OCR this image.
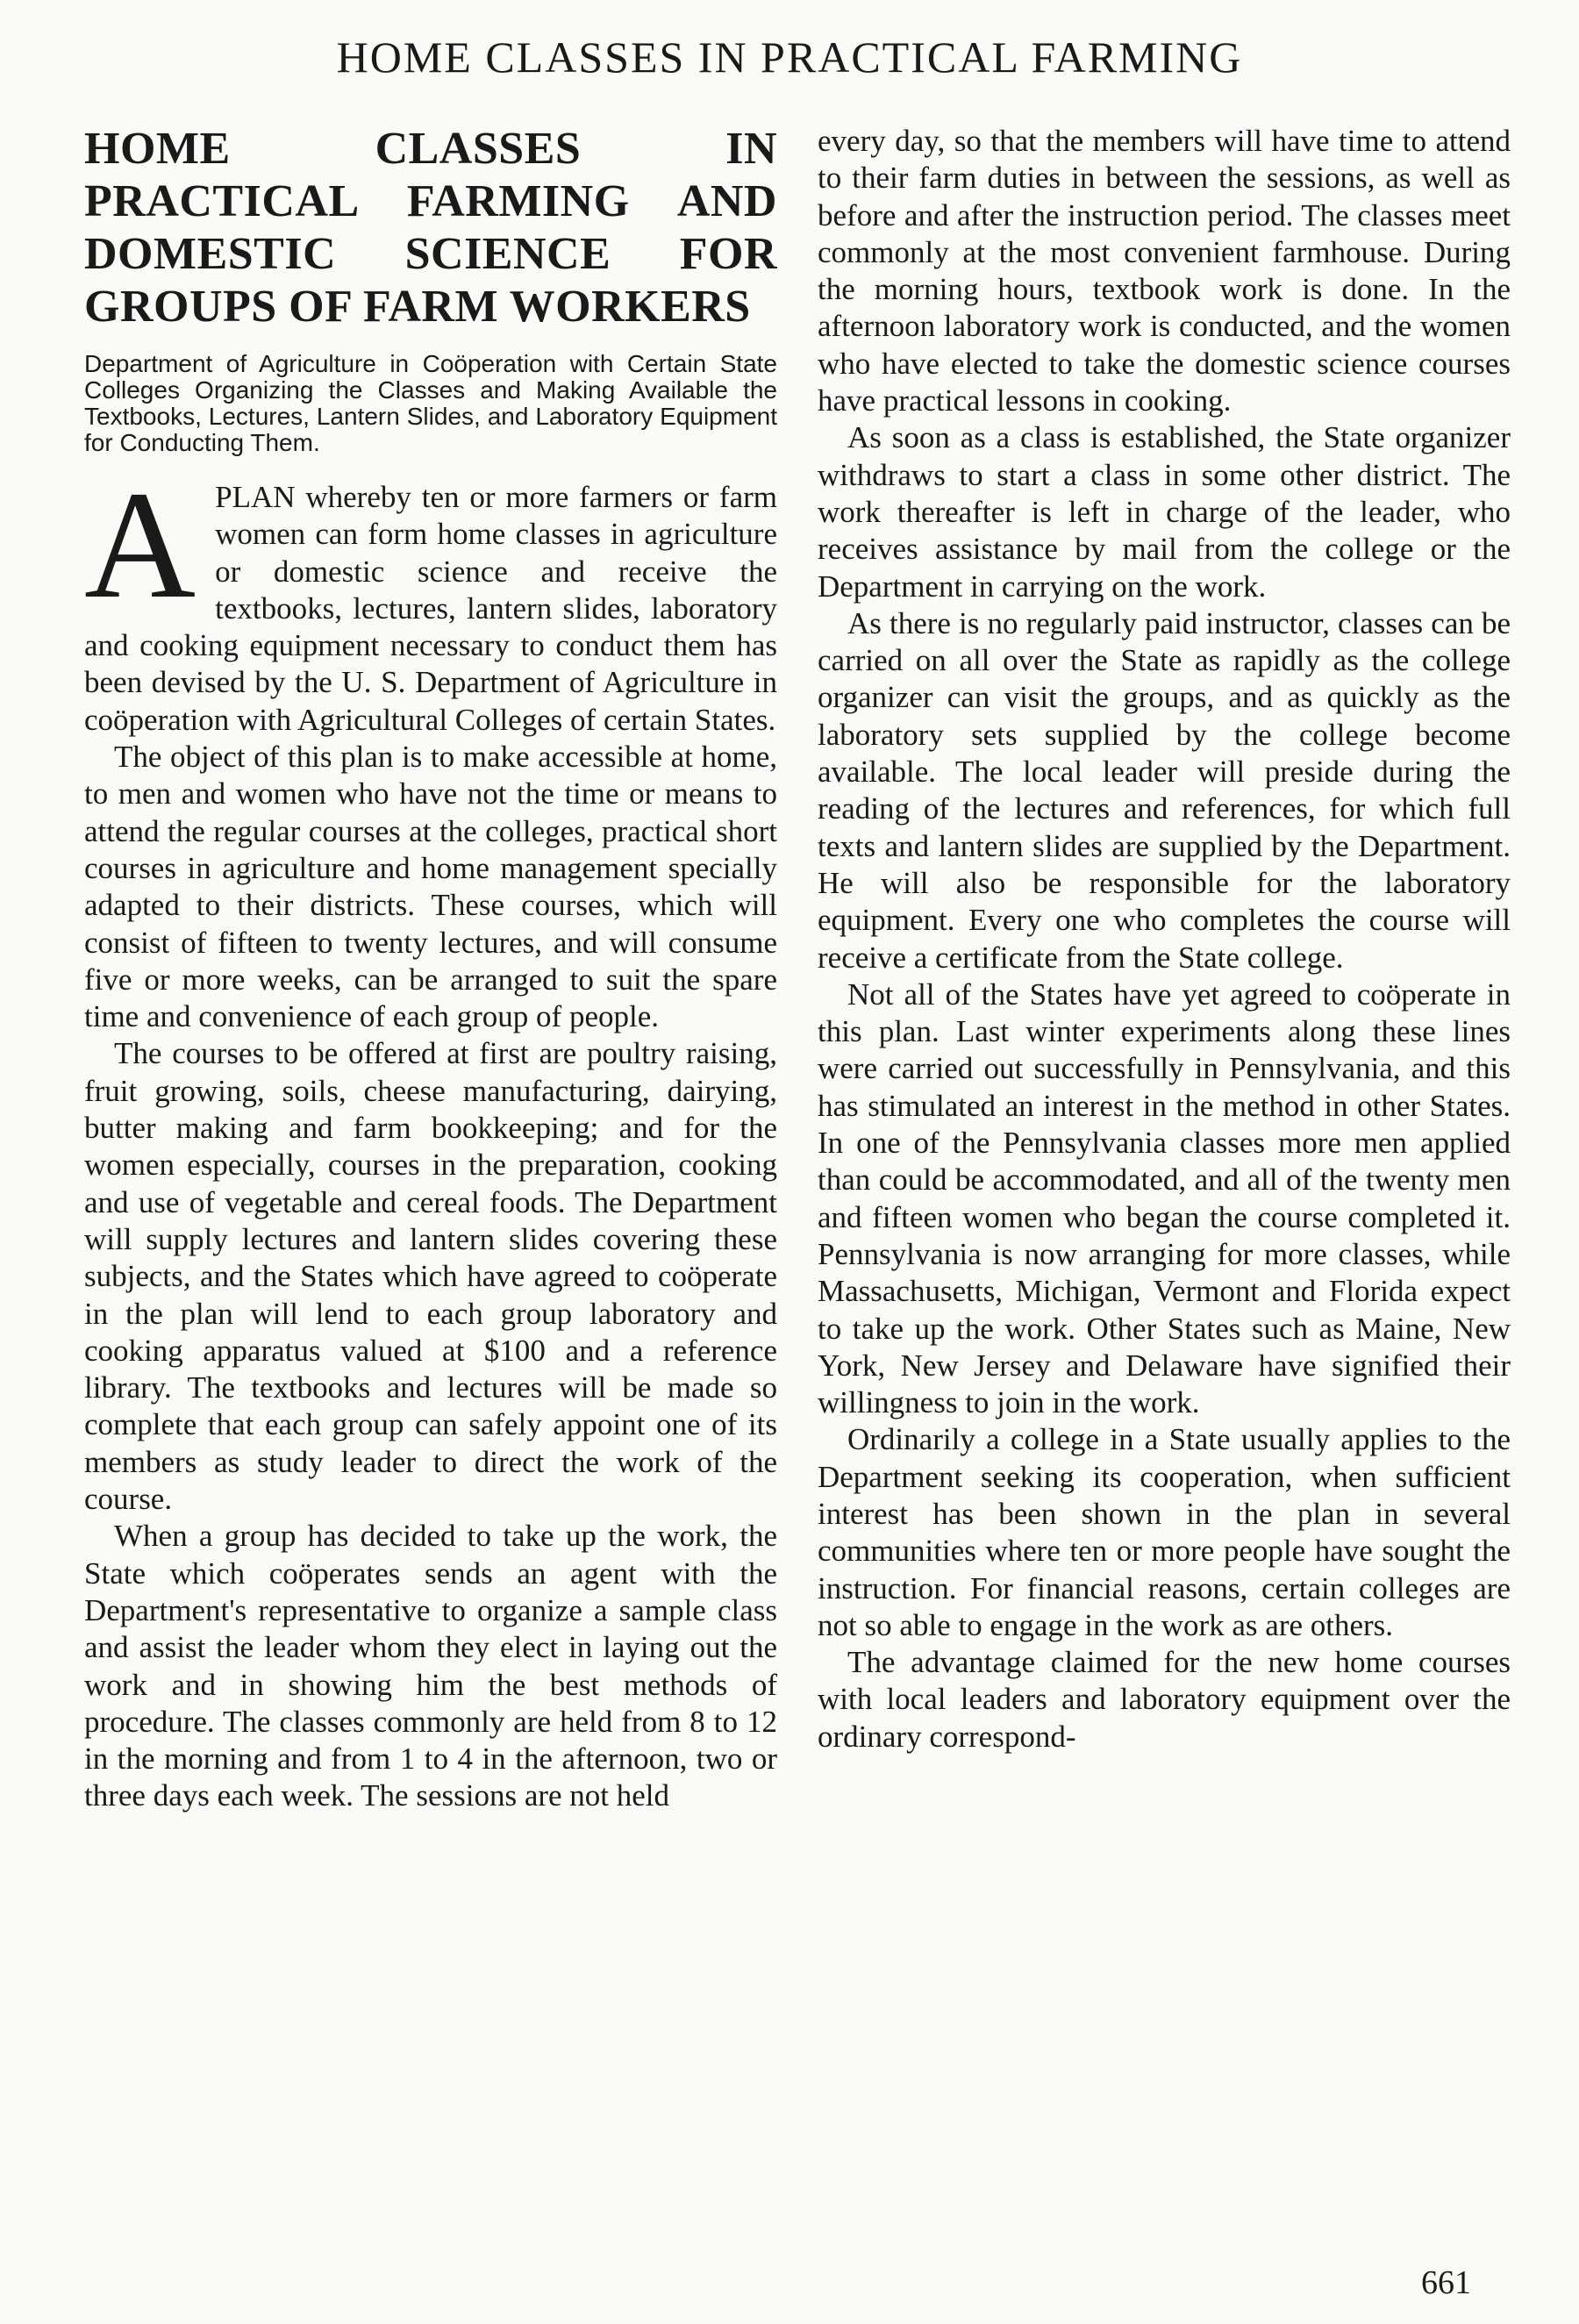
HOME CLASSES IN PRACTICAL FARMING
HOME CLASSES IN PRACTICAL FARMING AND DOMESTIC SCIENCE FOR GROUPS OF FARM WORKERS

Department of Agriculture in Coöperation with Certain State Colleges Organizing the Classes and Making Available the Textbooks, Lectures, Lantern Slides, and Laboratory Equipment for Conducting Them.

APLAN whereby ten or more farmers or farm women can form home classes in agriculture or domestic science and receive the textbooks, lectures, lantern slides, laboratory and cooking equipment necessary to conduct them has been devised by the U. S. Department of Agriculture in coöperation with Agricultural Colleges of certain States.

The object of this plan is to make accessible at home, to men and women who have not the time or means to attend the regular courses at the colleges, practical short courses in agriculture and home management specially adapted to their districts. These courses, which will consist of fifteen to twenty lectures, and will consume five or more weeks, can be arranged to suit the spare time and convenience of each group of people.

The courses to be offered at first are poultry raising, fruit growing, soils, cheese manufacturing, dairying, butter making and farm bookkeeping; and for the women especially, courses in the preparation, cooking and use of vegetable and cereal foods. The Department will supply lectures and lantern slides covering these subjects, and the States which have agreed to coöperate in the plan will lend to each group laboratory and cooking apparatus valued at $100 and a reference library. The textbooks and lectures will be made so complete that each group can safely appoint one of its members as study leader to direct the work of the course.

When a group has decided to take up the work, the State which coöperates sends an agent with the Department's representative to organize a sample class and assist the leader whom they elect in laying out the work and in showing him the best methods of procedure. The classes commonly are held from 8 to 12 in the morning and from 1 to 4 in the afternoon, two or three days each week. The sessions are not held

every day, so that the members will have time to attend to their farm duties in between the sessions, as well as before and after the instruction period. The classes meet commonly at the most convenient farmhouse. During the morning hours, textbook work is done. In the afternoon laboratory work is conducted, and the women who have elected to take the domestic science courses have practical lessons in cooking.

As soon as a class is established, the State organizer withdraws to start a class in some other district. The work thereafter is left in charge of the leader, who receives assistance by mail from the college or the Department in carrying on the work.

As there is no regularly paid instructor, classes can be carried on all over the State as rapidly as the college organizer can visit the groups, and as quickly as the laboratory sets supplied by the college become available. The local leader will preside during the reading of the lectures and references, for which full texts and lantern slides are supplied by the Department. He will also be responsible for the laboratory equipment. Every one who completes the course will receive a certificate from the State college.

Not all of the States have yet agreed to coöperate in this plan. Last winter experiments along these lines were carried out successfully in Pennsylvania, and this has stimulated an interest in the method in other States. In one of the Pennsylvania classes more men applied than could be accommodated, and all of the twenty men and fifteen women who began the course completed it. Pennsylvania is now arranging for more classes, while Massachusetts, Michigan, Vermont and Florida expect to take up the work. Other States such as Maine, New York, New Jersey and Delaware have signified their willingness to join in the work.

Ordinarily a college in a State usually applies to the Department seeking its cooperation, when sufficient interest has been shown in the plan in several communities where ten or more people have sought the instruction. For financial reasons, certain colleges are not so able to engage in the work as are others.

The advantage claimed for the new home courses with local leaders and laboratory equipment over the ordinary correspond-

661
